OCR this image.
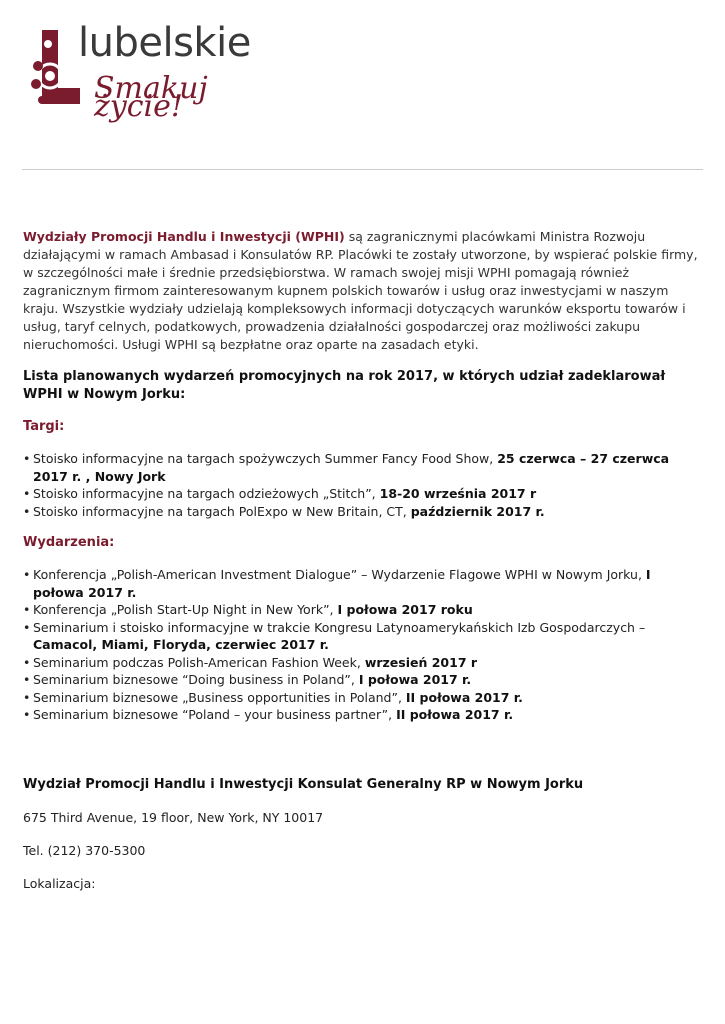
lubelskie
Smakuj życie!

Wydziały Promocji Handlu i Inwestycji (WPHI) są zagranicznymi placówkami Ministra Rozwoju działającymi w ramach Ambasad i Konsulatów RP. Placówki te zostały utworzone, by wspierać polskie firmy, w szczególności małe i średnie przedsiębiorstwa. W ramach swojej misji WPHI pomagają również zagranicznym firmom zainteresowanym kupnem polskich towarów i usług oraz inwestycjami w naszym kraju. Wszystkie wydziały udzielają kompleksowych informacji dotyczących warunków eksportu towarów i usług, taryf celnych, podatkowych, prowadzenia działalności gospodarczej oraz możliwości zakupu nieruchomości. Usługi WPHI są bezpłatne oraz oparte na zasadach etyki.

Lista planowanych wydarzeń promocyjnych na rok 2017, w których udział zadeklarował WPHI w Nowym Jorku:
Targi:
• Stoisko informacyjne na targach spożywczych Summer Fancy Food Show, 25 czerwca – 27 czerwca 2017 r. , Nowy Jork
• Stoisko informacyjne na targach odzieżowych „Stitch”, 18-20 września 2017 r
• Stoisko informacyjne na targach PolExpo w New Britain, CT, październik 2017 r.
Wydarzenia:
• Konferencja „Polish-American Investment Dialogue” – Wydarzenie Flagowe WPHI w Nowym Jorku, I połowa 2017 r.
• Konferencja „Polish Start-Up Night in New York”, I połowa 2017 roku
• Seminarium i stoisko informacyjne w trakcie Kongresu Latynoamerykańskich Izb Gospodarczych – Camacol, Miami, Floryda, czerwiec 2017 r.
• Seminarium podczas Polish-American Fashion Week, wrzesień 2017 r
• Seminarium biznesowe “Doing business in Poland”, I połowa 2017 r.
• Seminarium biznesowe „Business opportunities in Poland”, II połowa 2017 r.
• Seminarium biznesowe “Poland – your business partner”, II połowa 2017 r.
Wydział Promocji Handlu i Inwestycji Konsulat Generalny RP w Nowym Jorku

675 Third Avenue, 19 floor, New York, NY 10017

Tel. (212) 370-5300

Lokalizacja:
